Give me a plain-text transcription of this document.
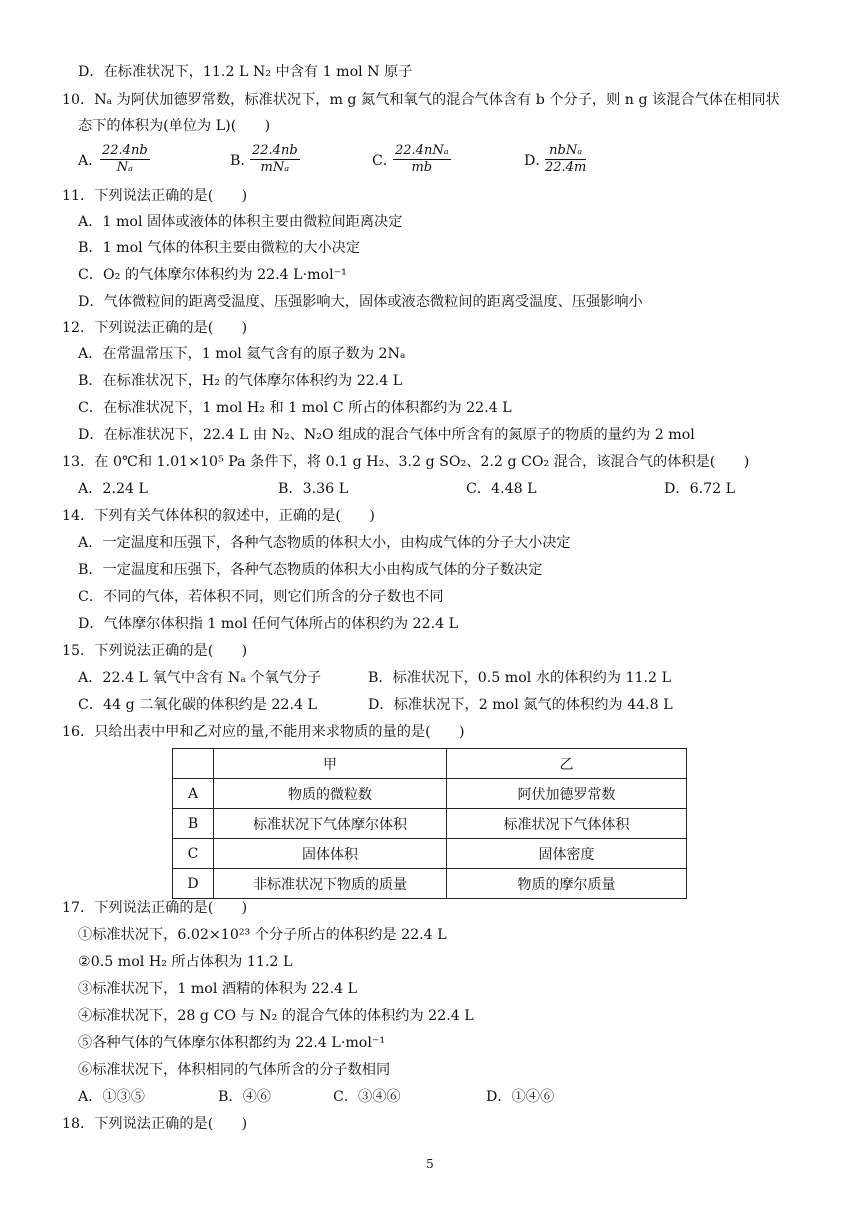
D．在标准状况下，11.2 L N₂ 中含有 1 mol N 原子
10．Nₐ 为阿伏加德罗常数，标准状况下，m g 氮气和氧气的混合气体含有 b 个分子，则 n g 该混合气体在相同状
态下的体积为(单位为 L)(　　)
A．
$\frac{22.4nb}{\text{Nₐ}}$	B．
22.4nb
mNₐ	C．
22.4nNₐ
mb	D．
nbNₐ
22.4m
11．下列说法正确的是(　　)
A．1 mol 固体或液体的体积主要由微粒间距离决定
B．1 mol 气体的体积主要由微粒的大小决定
C．O₂ 的气体摩尔体积约为 22.4 L·mol⁻¹
D．气体微粒间的距离受温度、压强影响大，固体或液态微粒间的距离受温度、压强影响小
12．下列说法正确的是(　　)
A．在常温常压下，1 mol 氦气含有的原子数为 2Nₐ
B．在标准状况下，H₂ 的气体摩尔体积约为 22.4 L
C．在标准状况下，1 mol H₂ 和 1 mol C 所占的体积都约为 22.4 L
D．在标准状况下，22.4 L 由 N₂、N₂O 组成的混合气体中所含有的氮原子的物质的量约为 2 mol
13．在 0℃和 1.01×10⁵ Pa 条件下，将 0.1 g H₂、3.2 g SO₂、2.2 g CO₂ 混合，该混合气的体积是(　　)
A．2.24 L	B．3.36 L	C．4.48 L	D．6.72 L
14．下列有关气体体积的叙述中，正确的是(　　)
A．一定温度和压强下，各种气态物质的体积大小，由构成气体的分子大小决定
B．一定温度和压强下，各种气态物质的体积大小由构成气体的分子数决定
C．不同的气体，若体积不同，则它们所含的分子数也不同
D．气体摩尔体积指 1 mol 任何气体所占的体积约为 22.4 L
15．下列说法正确的是(　　)
A．22.4 L 氧气中含有 Nₐ 个氧气分子	B．标准状况下，0.5 mol 水的体积约为 11.2 L
C．44 g 二氧化碳的体积约是 22.4 L	D．标准状况下，2 mol 氮气的体积约为 44.8 L
16．只给出表中甲和乙对应的量,不能用来求物质的量的是(　　)
	甲	乙
A	物质的微粒数	阿伏加德罗常数
B	标准状况下气体摩尔体积	标准状况下气体体积
C	固体体积	固体密度
D	非标准状况下物质的质量	物质的摩尔质量
17．下列说法正确的是(　　)
①标准状况下，6.02×10²³ 个分子所占的体积约是 22.4 L
②0.5 mol H₂ 所占体积为 11.2 L
③标准状况下，1 mol 酒精的体积为 22.4 L
④标准状况下，28 g CO 与 N₂ 的混合气体的体积约为 22.4 L
⑤各种气体的气体摩尔体积都约为 22.4 L·mol⁻¹
⑥标准状况下，体积相同的气体所含的分子数相同
A．①③⑤	B．④⑥	C．③④⑥	D．①④⑥
18．下列说法正确的是(　　)
5
